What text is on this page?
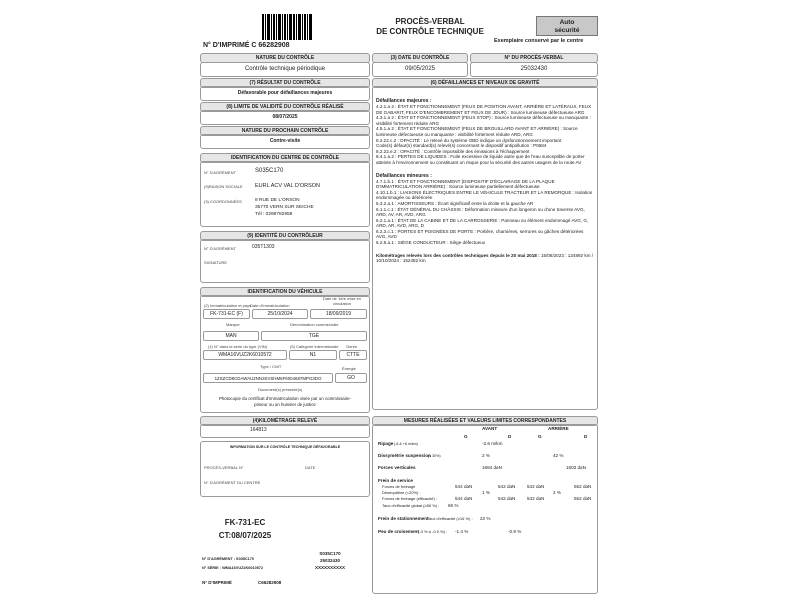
N° D'IMPRIMÉ C 66282908
PROCÈS-VERBAL
DE CONTRÔLE TECHNIQUE
Auto
sécurité
Exemplaire conservé par le centre
NATURE DU CONTRÔLE
Contrôle technique périodique
(3) DATE DU CONTRÔLE
09/05/2025
N° DU PROCÈS-VERBAL
25032430
(7) RÉSULTAT DU CONTRÔLE
Défavorable pour défaillances majeures
(8) LIMITE DE VALIDITÉ DU CONTRÔLE RÉALISÉ
08/07/2025
NATURE DU PROCHAIN CONTRÔLE
Contre-visite
IDENTIFICATION DU CENTRE DE CONTRÔLE
N° D'AGRÉMENT	S035C170
(9)RAISON SOCIALE EURL ACV VAL D'ORSON
(3) COORDONNÉES	8 RUE DE L'ORSON
35770 VERN SUR SEICHE
Tél : 0299782958
(9) IDENTITÉ DU CONTRÔLEUR
N° D'AGRÉMENT	035T1303
SIGNATURE
IDENTIFICATION DU VÉHICULE
(2) Immatriculation et pays
Date d'immatriculation
Date de 1ère mise en circulation
FK-731-EC (F)	25/10/2024	18/09/2019
Marque	Dénomination commerciale
MAN	TGE
(1) N° dans la série du type (VIN)	(5) Catégorie internationale Genre
WMA16VUZ2K6010572	N1	CTTE
Type / CNIT	Énergie
1ZSZCD8CDAWAU2NN3SVSHM6F6004687MPG3DO	GO
Document(s) présenté(s)
Photocopie du certificat d'immatriculation visée par un commissaire-priseur ou un huissier de justice
(4)KILOMÉTRAGE RELEVÉ
164813
INFORMATION SUR LE CONTRÔLE TECHNIQUE DÉFAVORABLE
PROCÈS-VERBAL N°	DATE
N° D'AGRÉMENT DU CENTRE
FK-731-EC
CT:08/07/2025
N° D'AGRÉMENT : S035C170
N° SÉRIE : WMA16VUZ2K6010572
S035C170
25032430
XXXXXXXXXX
N° D'IMPRIMÉ	C66282908
(6) DÉFAILLANCES ET NIVEAUX DE GRAVITÉ
Défaillances majeures :
4.2.1.a 2 : ÉTAT ET FONCTIONNEMENT (FEUX DE POSITION AVANT, ARRIÈRE ET LATÉRAUX, FEUX DE GABARIT, FEUX D'ENCOMBREMENT ET FEUX DE JOUR) : Source lumineuse défectueuse ARG
4.3.1.a 2 : ÉTAT ET FONCTIONNEMENT (FEUX STOP) : Source lumineuse défectueuse ou manquante : visibilité fortement réduite ARG
4.5.1.a 2 : ÉTAT ET FONCTIONNEMENT (FEUX DE BROUILLARD AVANT ET ARRIÈRE) : Source lumineuse défectueuse ou manquante : visibilité fortement réduite ARD, ARG
8.2.22.c.2 : OPACITÉ : Le relevé du système OBD indique un dysfonctionnement important
Code(s) défaut(s) standard(s) relevé(s) concernant le dispositif antipollution : P0684
8.2.22.e.2 : OPACITÉ : Contrôle impossible des émissions à l'échappement
8.4.1.a.2 : PERTES DE LIQUIDES : Fuite excessive de liquide autre que de l'eau susceptible de porter atteinte à l'environnement ou constituant un risque pour la sécurité des autres usagers de la route AV
Défaillances mineures :
4.7.1.b.1 : ÉTAT ET FONCTIONNEMENT (DISPOSITIF D'ÉCLAIRAGE DE LA PLAQUE D'IMMATRICULATION ARRIÈRE) : Source lumineuse partiellement défectueuse
4.10.1.b.1 : LIAISONS ÉLECTRIQUES ENTRE LE VÉHICULE TRACTEUR ET LA REMORQUE : Isolation endommagée ou détériorée
5.3.2.a.1 : AMORTISSEURS : Écart significatif entre la droite et la gauche AR
6.1.1.c.1 : ÉTAT GÉNÉRAL DU CHÂSSIS : Déformation mineure d'un longeron ou d'une traverse AVG, ARD, AV, AR, AVD, ARG
6.2.1.a.1 : ÉTAT DE LA CABINE ET DE LA CARROSSERIE : Panneau ou élément endommagé AVG, G, ARD, AR, AVD, ARG, D
6.2.3.c.1 : PORTES ET POIGNÉES DE PORTE : Portière, charnières, serrures ou gâches détériorées AVG, AVD
6.2.5.a.1 : SIÈGE CONDUCTEUR : Siège défectueux
Kilométrages relevés lors des contrôles techniques depuis le 20 mai 2018 : 15/08/2023 : 124892 km / 10/10/2024 : 152482 km
MESURES RÉALISÉES ET VALEURS LIMITES CORRESPONDANTES
AVANT	ARRIÈRE
G	D	G	D
Ripage (-8 & +8 m/km)	-2.6 m/km
Dissymétrie suspension
(≤ 30%)	2 %	42 %
Forces verticales	1684 daN	1603 daN
Frein de service
Forces de freinage	544 daN	542 daN	542 daN	552 daN
Déséquilibre (<20%) :	1 %	2 %
Forces de freinage (efficacité) :	544 daN	542 daN	542 daN	552 daN
Taux d'efficacité global (≥50 %) : 66 %
Frein de stationnement
Taux d'efficacité (≥16 %) : 22 %
Peu de croisement (-3 % à -0.9 %) : -1.4 %	-0.9 %
